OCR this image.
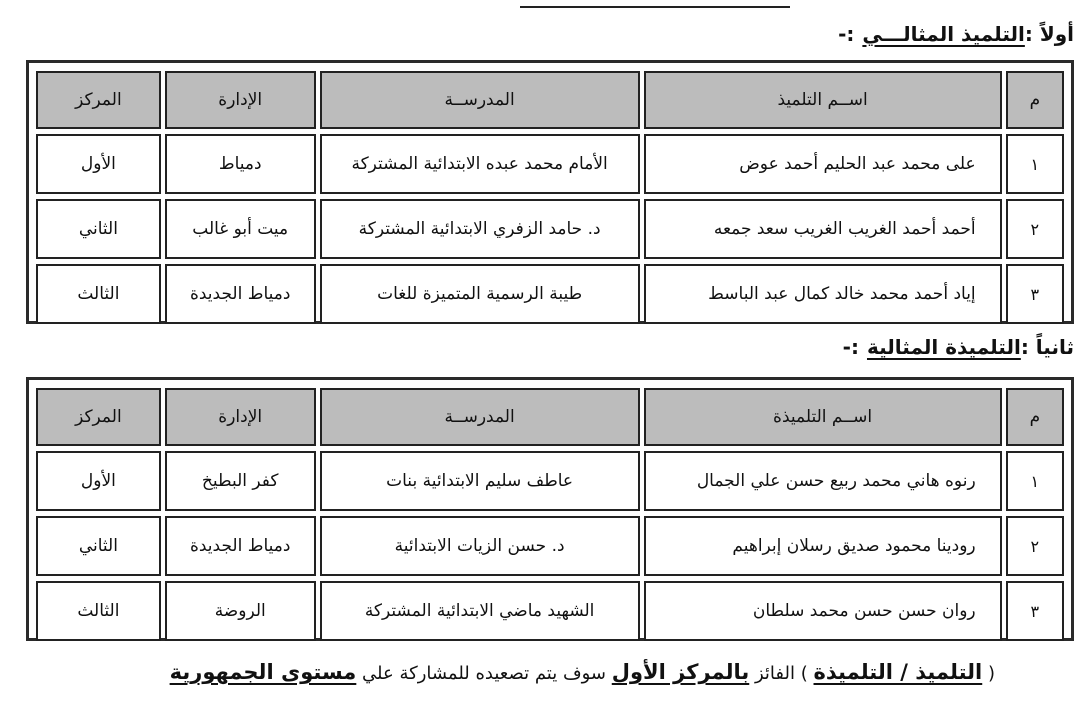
أولاً :التلميذ المثالـــي:-
م	اســم التلميذ	المدرســة	الإدارة	المركز
١	على محمد عبد الحليم أحمد عوض	الأمام محمد عبده الابتدائية المشتركة	دمياط	الأول
٢	أحمد أحمد الغريب الغريب سعد جمعه	د. حامد الزفري الابتدائية المشتركة	ميت أبو غالب	الثاني
٣	إياد أحمد محمد خالد كمال عبد الباسط	طيبة الرسمية المتميزة للغات	دمياط الجديدة	الثالث
ثانياً :التلميذة المثالية:-
م	اســم التلميذة	المدرســة	الإدارة	المركز
١	رنوه هاني محمد ربيع حسن علي الجمال	عاطف سليم الابتدائية بنات	كفر البطيخ	الأول
٢	رودينا محمود صديق رسلان إبراهيم	د. حسن الزيات الابتدائية	دمياط الجديدة	الثاني
٣	روان حسن حسن محمد سلطان	الشهيد ماضي الابتدائية المشتركة	الروضة	الثالث
( التلميذ / التلميذة ) الفائز بالمركز الأول سوف يتم تصعيده للمشاركة علي مستوى الجمهورية
